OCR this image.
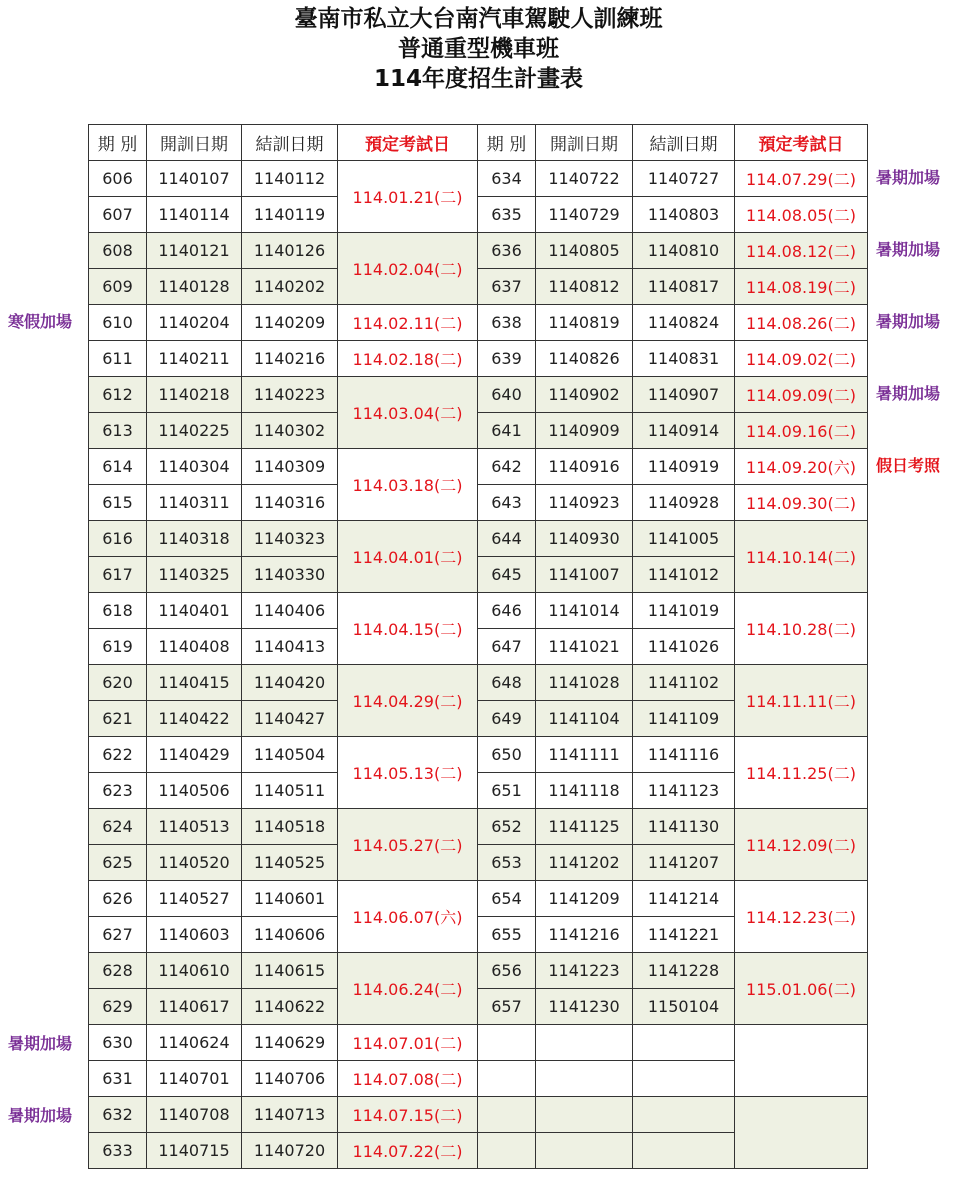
臺南市私立大台南汽車駕駛人訓練班
普通重型機車班
114年度招生計畫表
期 別	開訓日期	結訓日期	預定考試日	期 別	開訓日期	結訓日期	預定考試日
606	1140107	1140112	114.01.21(二)	634	1140722	1140727	114.07.29(二)
607	1140114	1140119		635	1140729	1140803	114.08.05(二)
608	1140121	1140126	114.02.04(二)	636	1140805	1140810	114.08.12(二)
609	1140128	1140202		637	1140812	1140817	114.08.19(二)
610	1140204	1140209	114.02.11(二)	638	1140819	1140824	114.08.26(二)
611	1140211	1140216	114.02.18(二)	639	1140826	1140831	114.09.02(二)
612	1140218	1140223	114.03.04(二)	640	1140902	1140907	114.09.09(二)
613	1140225	1140302		641	1140909	1140914	114.09.16(二)
614	1140304	1140309	114.03.18(二)	642	1140916	1140919	114.09.20(六)
615	1140311	1140316		643	1140923	1140928	114.09.30(二)
616	1140318	1140323	114.04.01(二)	644	1140930	1141005	114.10.14(二)
617	1140325	1140330		645	1141007	1141012	
618	1140401	1140406	114.04.15(二)	646	1141014	1141019	114.10.28(二)
619	1140408	1140413		647	1141021	1141026	
620	1140415	1140420	114.04.29(二)	648	1141028	1141102	114.11.11(二)
621	1140422	1140427		649	1141104	1141109	
622	1140429	1140504	114.05.13(二)	650	1141111	1141116	114.11.25(二)
623	1140506	1140511		651	1141118	1141123	
624	1140513	1140518	114.05.27(二)	652	1141125	1141130	114.12.09(二)
625	1140520	1140525		653	1141202	1141207	
626	1140527	1140601	114.06.07(六)	654	1141209	1141214	114.12.23(二)
627	1140603	1140606		655	1141216	1141221	
628	1140610	1140615	114.06.24(二)	656	1141223	1141228	115.01.06(二)
629	1140617	1140622		657	1141230	1150104	
630	1140624	1140629	114.07.01(二)				
631	1140701	1140706	114.07.08(二)				
632	1140708	1140713	114.07.15(二)				
633	1140715	1140720	114.07.22(二)				
寒假加場
暑期加場
暑期加場
暑期加場
暑期加場
暑期加場
暑期加場
假日考照
